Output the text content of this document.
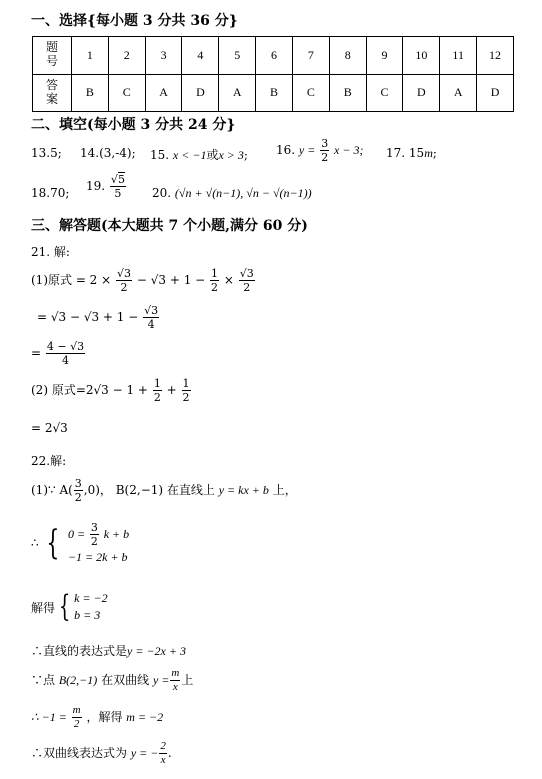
一、选择{每小题 3 分共 36 分}
题
号	1	2	3	4	5	6	7	8	9	10	11	12
答
案	B	C	A	D	A	B	C	B	C	D	A	D
二、填空(每小题 3 分共 24 分}
13.5; 14.(3,-4); 15. x < −1或x > 3; 16. $y = \frac{3}{2}$ x − 3; 17. 15m;
18.70; 19. $\frac{√5}{5} 20$. (√n + √(n−1), √n − √(n−1))
三、解答题(本大题共 7 个小题,满分 60 分)
21. 解:
(1)原式 = $2 \times \frac{√3}{2} - √3 + 1 - \frac{1}{2} \times \frac{√3}{2}$
= $√3 - √3 + 1 - \frac{√3}{4}$
= $\frac{4 - √3}{4}$
(2) 原式$=2√3 - 1 + \frac{1}{2} + \frac{1}{2}$
= 2√3
22.解:
(1)∵ $A( \frac{3}{2} ,0)$， B(2,−1) 在直线上 y = kx + b 上，
∴ { $0 = \frac{3}{2}$ k + b
−1 = 2k + b
解得 { k = −2
b = 3
∴直线的表达式是y = −2x + 3
∵点 B(2,−1) 在双曲线 $y = \frac{m}{x}$ 上
∴ $-1 = \frac{m}{2}$ ，解得 m = −2
∴双曲线表达式为 y = − $\frac{2}{x}$ .
